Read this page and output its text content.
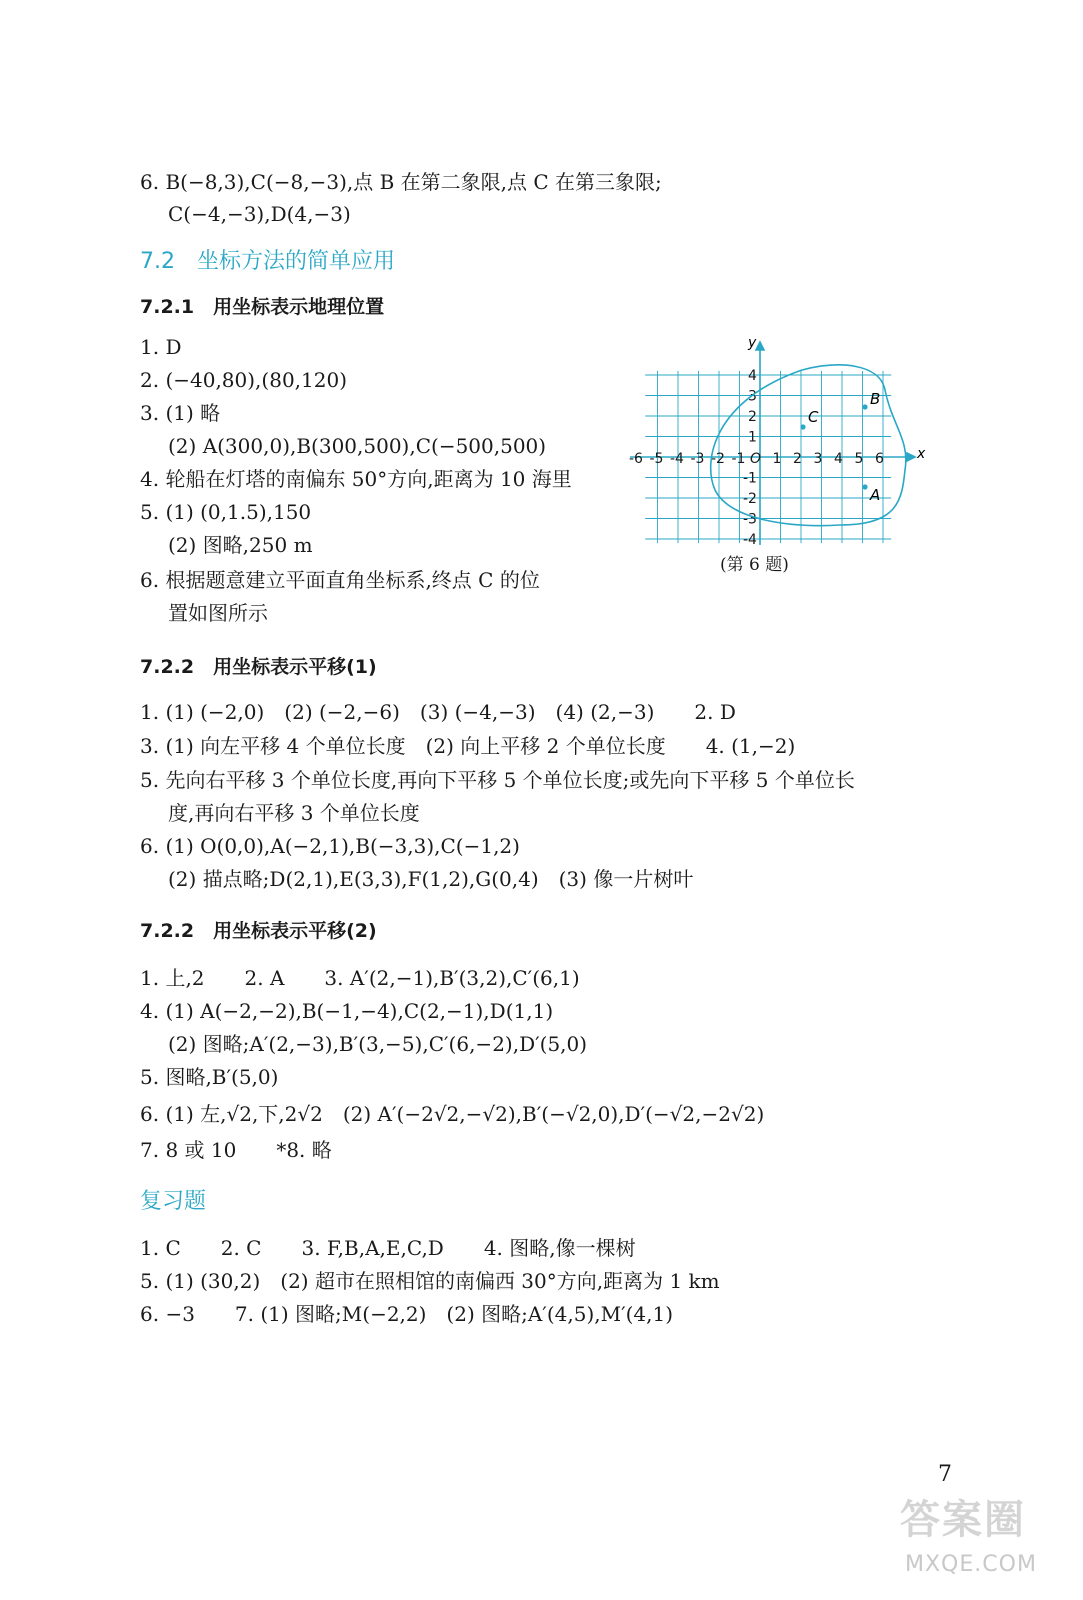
6. B(−8,3),C(−8,−3),点 B 在第二象限,点 C 在第三象限;
C(−4,−3),D(4,−3)
7.2　坐标方法的简单应用
7.2.1　用坐标表示地理位置
1. D
2. (−40,80),(80,120)
3. (1) 略
(2) A(300,0),B(300,500),C(−500,500)
4. 轮船在灯塔的南偏东 50°方向,距离为 10 海里
5. (1) (0,1.5),150
(2) 图略,250 m
6. 根据题意建立平面直角坐标系,终点 C 的位
置如图所示
x
y
-6 -5 -4 -3 -2 -1 O 1 2 3 4 5 6
4
3
2
1
-1
-2
-3
-4
C
B
A
(第 6 题)
7.2.2　用坐标表示平移(1)
1. (1) (−2,0)　(2) (−2,−6)　(3) (−4,−3)　(4) (2,−3)　　2. D
3. (1) 向左平移 4 个单位长度　(2) 向上平移 2 个单位长度　　4. (1,−2)
5. 先向右平移 3 个单位长度,再向下平移 5 个单位长度;或先向下平移 5 个单位长
度,再向右平移 3 个单位长度
6. (1) O(0,0),A(−2,1),B(−3,3),C(−1,2)
(2) 描点略;D(2,1),E(3,3),F(1,2),G(0,4)　(3) 像一片树叶
7.2.2　用坐标表示平移(2)
1. 上,2　　2. A　　3. A′(2,−1),B′(3,2),C′(6,1)
4. (1) A(−2,−2),B(−1,−4),C(2,−1),D(1,1)
(2) 图略;A′(2,−3),B′(3,−5),C′(6,−2),D′(5,0)
5. 图略,B′(5,0)
6. (1) 左,√2,下,2√2　(2) A′(−2√2,−√2),B′(−√2,0),D′(−√2,−2√2)
7. 8 或 10　　*8. 略
复习题
1. C　　2. C　　3. F,B,A,E,C,D　　4. 图略,像一棵树
5. (1) (30,2)　(2) 超市在照相馆的南偏西 30°方向,距离为 1 km
6. −3　　7. (1) 图略;M(−2,2)　(2) 图略;A′(4,5),M′(4,1)
7
答案圈
MXQE.COM
